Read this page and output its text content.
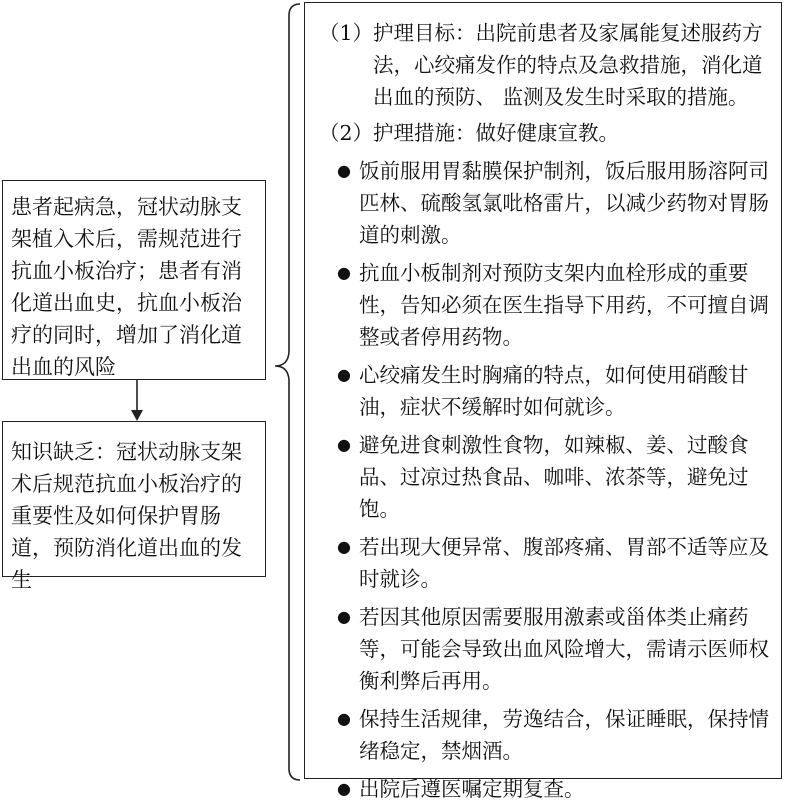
患者起病急，冠状动脉支架植入术后，需规范进行抗血小板治疗；患者有消化道出血史，抗血小板治疗的同时，增加了消化道出血的风险
知识缺乏：冠状动脉支架术后规范抗血小板治疗的重要性及如何保护胃肠道，预防消化道出血的发生
（1） 护理目标：出院前患者及家属能复述服药方法，心绞痛发作的特点及急救措施，消化道出血的预防、 监测及发生时采取的措施。
（2） 护理措施：做好健康宣教。
● 饭前服用胃黏膜保护制剂，饭后服用肠溶阿司匹林、硫酸氢氯吡格雷片，以减少药物对胃肠道的刺激。
● 抗血小板制剂对预防支架内血栓形成的重要性，告知必须在医生指导下用药，不可擅自调整或者停用药物。
● 心绞痛发生时胸痛的特点，如何使用硝酸甘油，症状不缓解时如何就诊。
● 避免进食刺激性食物，如辣椒、姜、过酸食品、过凉过热食品、咖啡、浓茶等，避免过饱。
● 若出现大便异常、腹部疼痛、胃部不适等应及时就诊。
● 若因其他原因需要服用激素或甾体类止痛药等，可能会导致出血风险增大，需请示医师权衡利弊后再用。
● 保持生活规律，劳逸结合，保证睡眠，保持情绪稳定，禁烟酒。
● 出院后遵医嘱定期复查。
